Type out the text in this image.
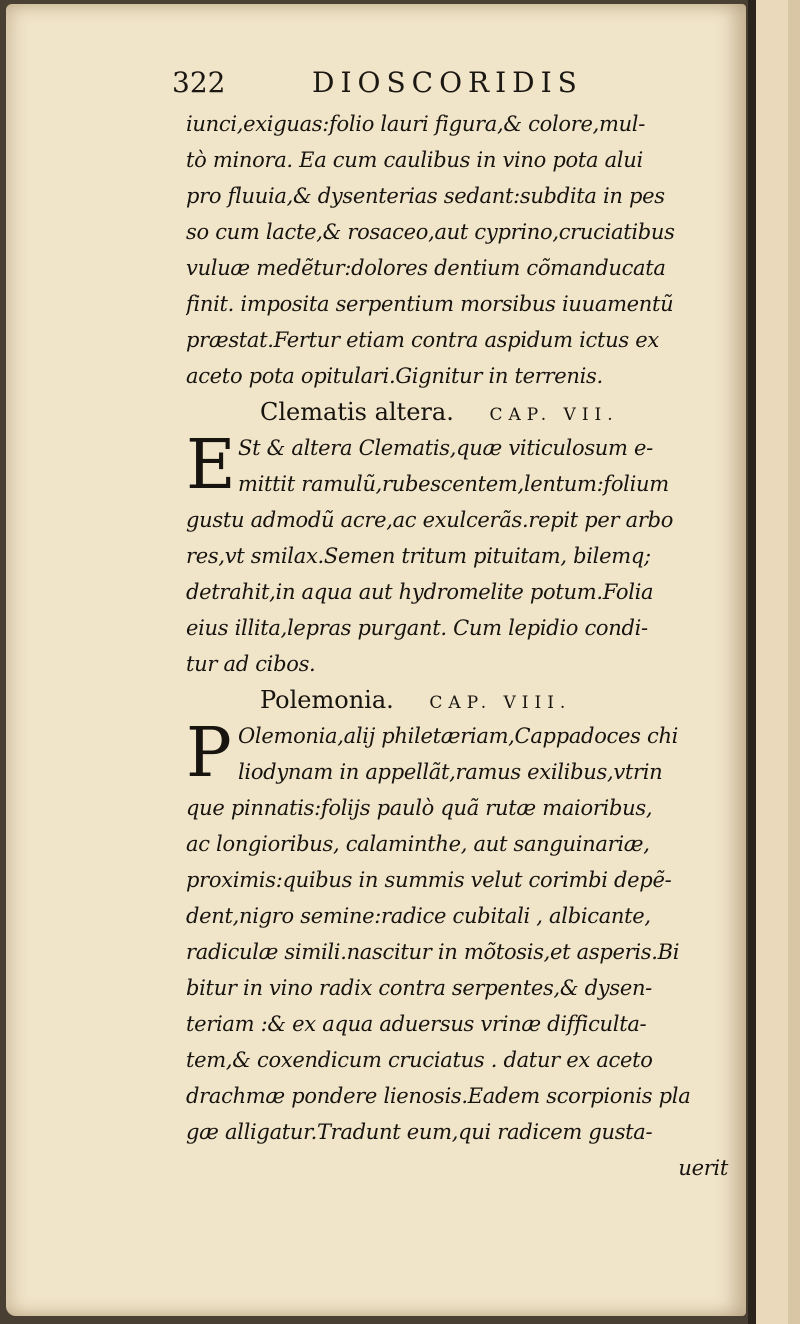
322	DIOSCORIDIS
iunci,exiguas:folio lauri figura,& colore,mul-
tò minora. Ea cum caulibus in vino pota alui
pro fluuia,& dysenterias sedant:subdita in pes
so cum lacte,& rosaceo,aut cyprino,cruciatibus
vuluæ medẽtur:dolores dentium cõmanducata
finit. imposita serpentium morsibus iuuamentũ
præstat.Fertur etiam contra aspidum ictus ex
aceto pota opitulari.Gignitur in terrenis.
Clematis altera. CAP. VII.
E St & altera Clematis,quæ viticulosum e-
mittit ramulũ,rubescentem,lentum:folium
gustu admodũ acre,ac exulcerãs.repit per arbo
res,vt smilax.Semen tritum pituitam, bilemq;
detrahit,in aqua aut hydromelite potum.Folia
eius illita,lepras purgant. Cum lepidio condi-
tur ad cibos.
Polemonia. CAP. VIII.
P Olemonia,alij philetæriam,Cappadoces chi
liodynam in appellãt,ramus exilibus,vtrin
que pinnatis:folijs paulò quã rutæ maioribus,
ac longioribus, calaminthe, aut sanguinariæ,
proximis:quibus in summis velut corimbi depẽ-
dent,nigro semine:radice cubitali , albicante,
radiculæ simili.nascitur in mõtosis,et asperis.Bi
bitur in vino radix contra serpentes,& dysen-
teriam :& ex aqua aduersus vrinæ difficulta-
tem,& coxendicum cruciatus . datur ex aceto
drachmæ pondere lienosis.Eadem scorpionis pla
gæ alligatur.Tradunt eum,qui radicem gusta-
uerit
